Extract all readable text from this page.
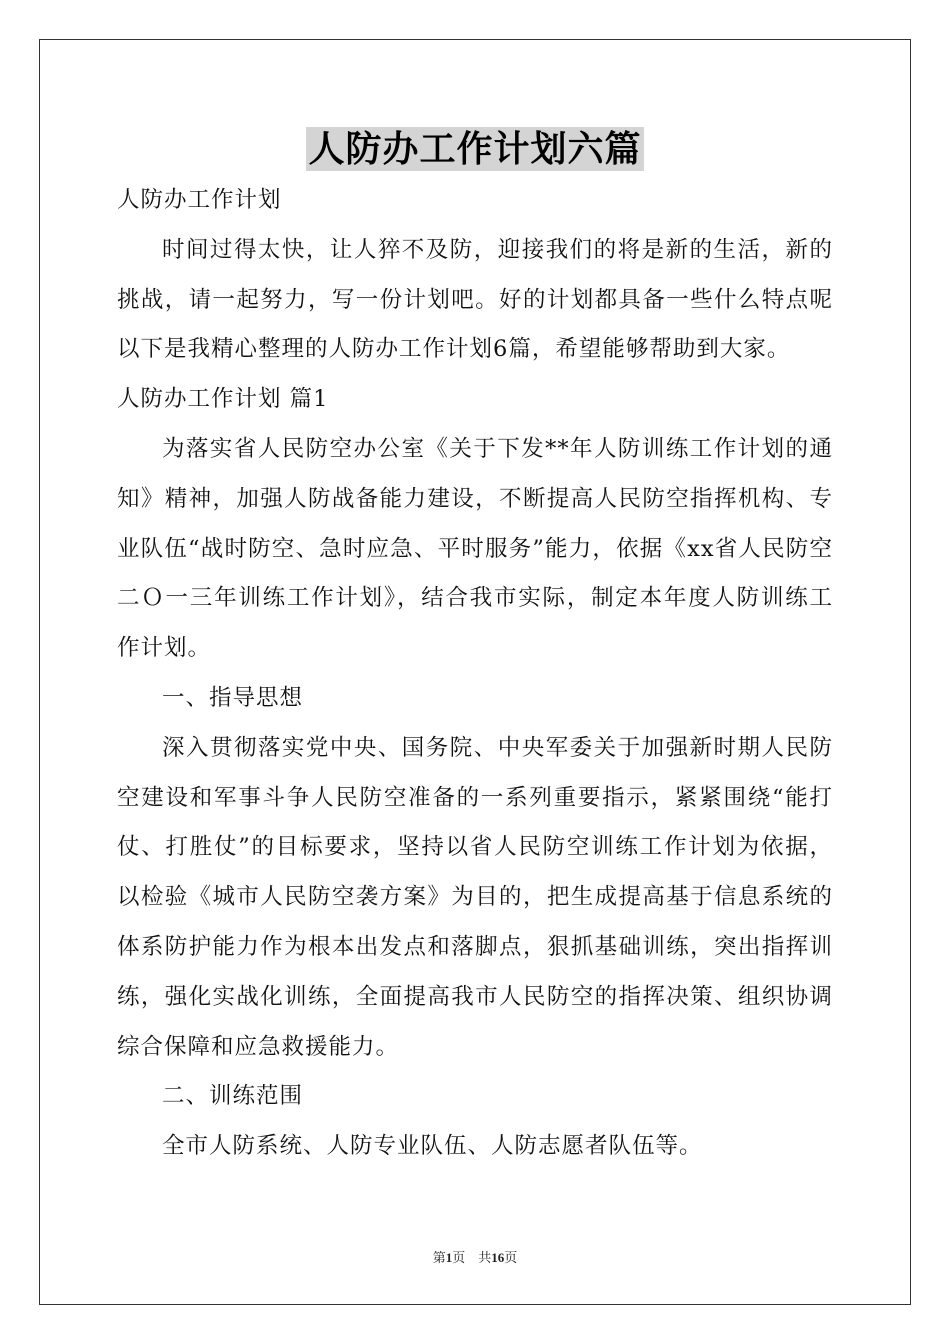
人防办工作计划六篇

人防办工作计划

时间过得太快，让人猝不及防，迎接我们的将是新的生活，新的挑战，请一起努力，写一份计划吧。好的计划都具备一些什么特点呢以下是我精心整理的人防办工作计划6篇，希望能够帮助到大家。

人防办工作计划 篇1

为落实省人民防空办公室《关于下发**年人防训练工作计划的通知》精神，加强人防战备能力建设，不断提高人民防空指挥机构、专业队伍“战时防空、急时应急、平时服务”能力，依据《xx省人民防空二Ｏ一三年训练工作计划》，结合我市实际，制定本年度人防训练工作计划。

一、指导思想

深入贯彻落实党中央、国务院、中央军委关于加强新时期人民防空建设和军事斗争人民防空准备的一系列重要指示，紧紧围绕“能打仗、打胜仗”的目标要求，坚持以省人民防空训练工作计划为依据，以检验《城市人民防空袭方案》为目的，把生成提高基于信息系统的体系防护能力作为根本出发点和落脚点，狠抓基础训练，突出指挥训练，强化实战化训练，全面提高我市人民防空的指挥决策、组织协调综合保障和应急救援能力。

二、训练范围

全市人防系统、人防专业队伍、人防志愿者队伍等。

第1页　共16页
